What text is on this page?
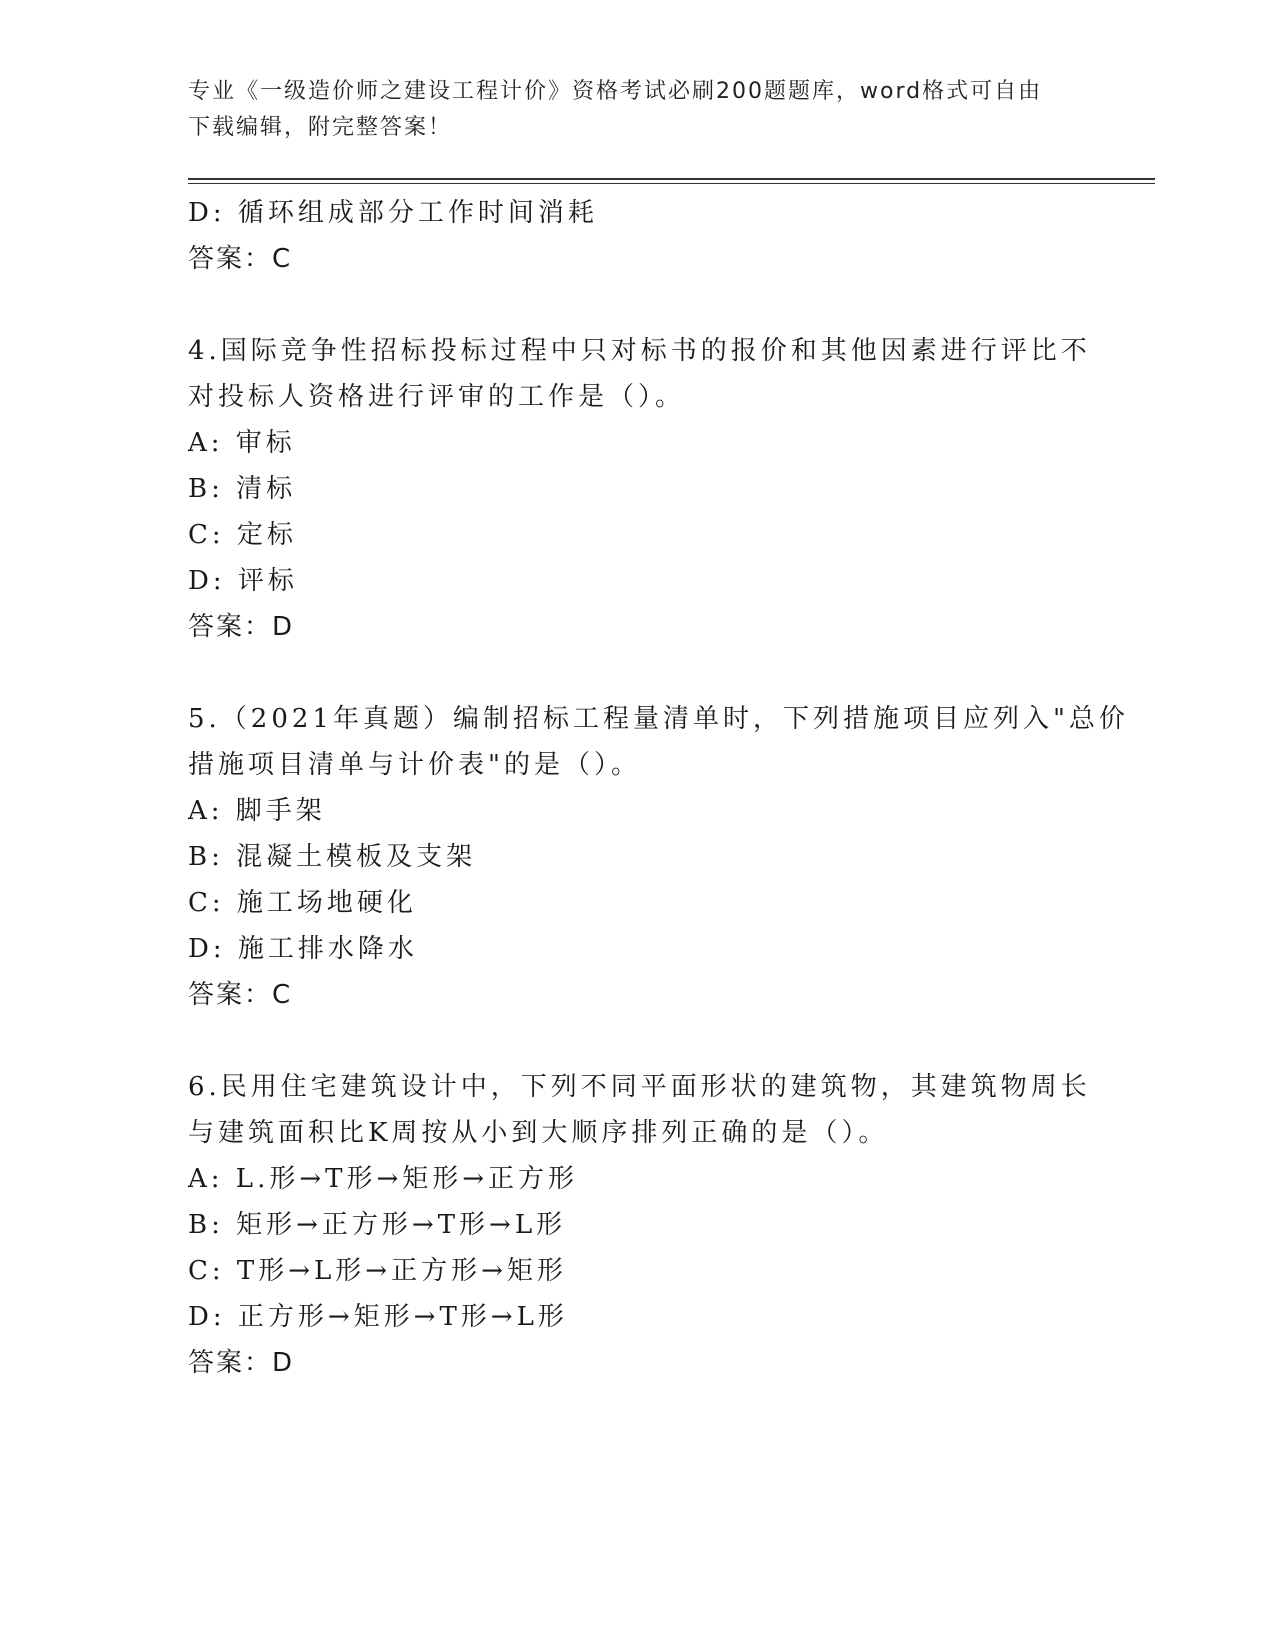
专业《一级造价师之建设工程计价》资格考试必刷200题题库，word格式可自由
下载编辑，附完整答案！
D: 循环组成部分工作时间消耗
答案：C
4.国际竞争性招标投标过程中只对标书的报价和其他因素进行评比不
对投标人资格进行评审的工作是（）。
A: 审标
B: 清标
C: 定标
D: 评标
答案：D
5.（2021年真题）编制招标工程量清单时，下列措施项目应列入"总价
措施项目清单与计价表"的是（）。
A: 脚手架
B: 混凝土模板及支架
C: 施工场地硬化
D: 施工排水降水
答案：C
6.民用住宅建筑设计中，下列不同平面形状的建筑物，其建筑物周长
与建筑面积比K周按从小到大顺序排列正确的是（）。
A: L.形→T形→矩形→正方形
B: 矩形→正方形→T形→L形
C: T形→L形→正方形→矩形
D: 正方形→矩形→T形→L形
答案：D
